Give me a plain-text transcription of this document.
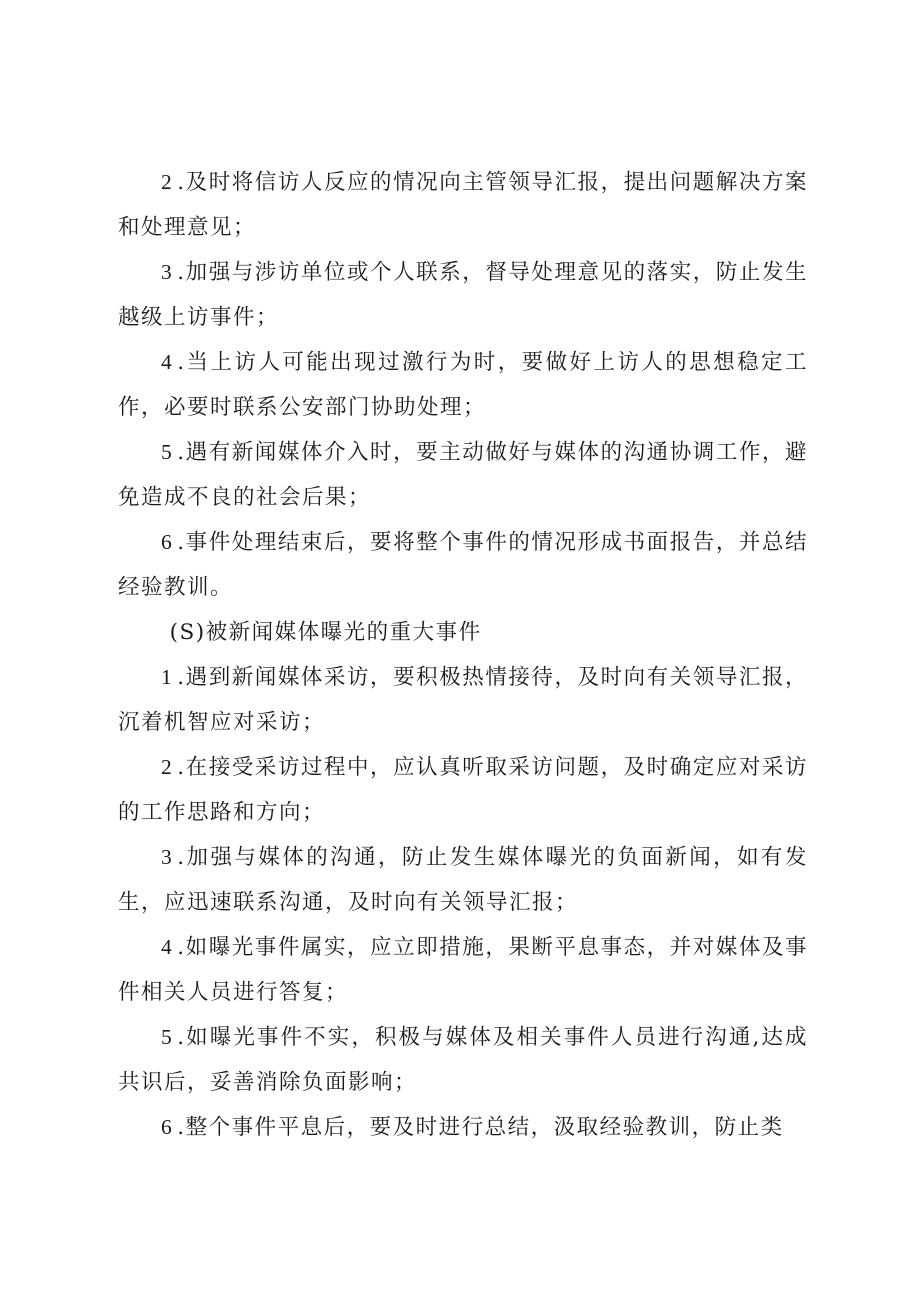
2 .及时将信访人反应的情况向主管领导汇报，提出问题解决方案和处理意见；

3 .加强与涉访单位或个人联系，督导处理意见的落实，防止发生越级上访事件；

4 .当上访人可能出现过激行为时，要做好上访人的思想稳定工作，必要时联系公安部门协助处理；

5 .遇有新闻媒体介入时，要主动做好与媒体的沟通协调工作，避免造成不良的社会后果；

6 .事件处理结束后，要将整个事件的情况形成书面报告，并总结经验教训。

(S)被新闻媒体曝光的重大事件

1 .遇到新闻媒体采访，要积极热情接待，及时向有关领导汇报，沉着机智应对采访；

2 .在接受采访过程中，应认真听取采访问题，及时确定应对采访的工作思路和方向；

3 .加强与媒体的沟通，防止发生媒体曝光的负面新闻，如有发生，应迅速联系沟通，及时向有关领导汇报；

4 .如曝光事件属实，应立即措施，果断平息事态，并对媒体及事件相关人员进行答复；

5 .如曝光事件不实，积极与媒体及相关事件人员进行沟通,达成共识后，妥善消除负面影响；

6 .整个事件平息后，要及时进行总结，汲取经验教训，防止类
